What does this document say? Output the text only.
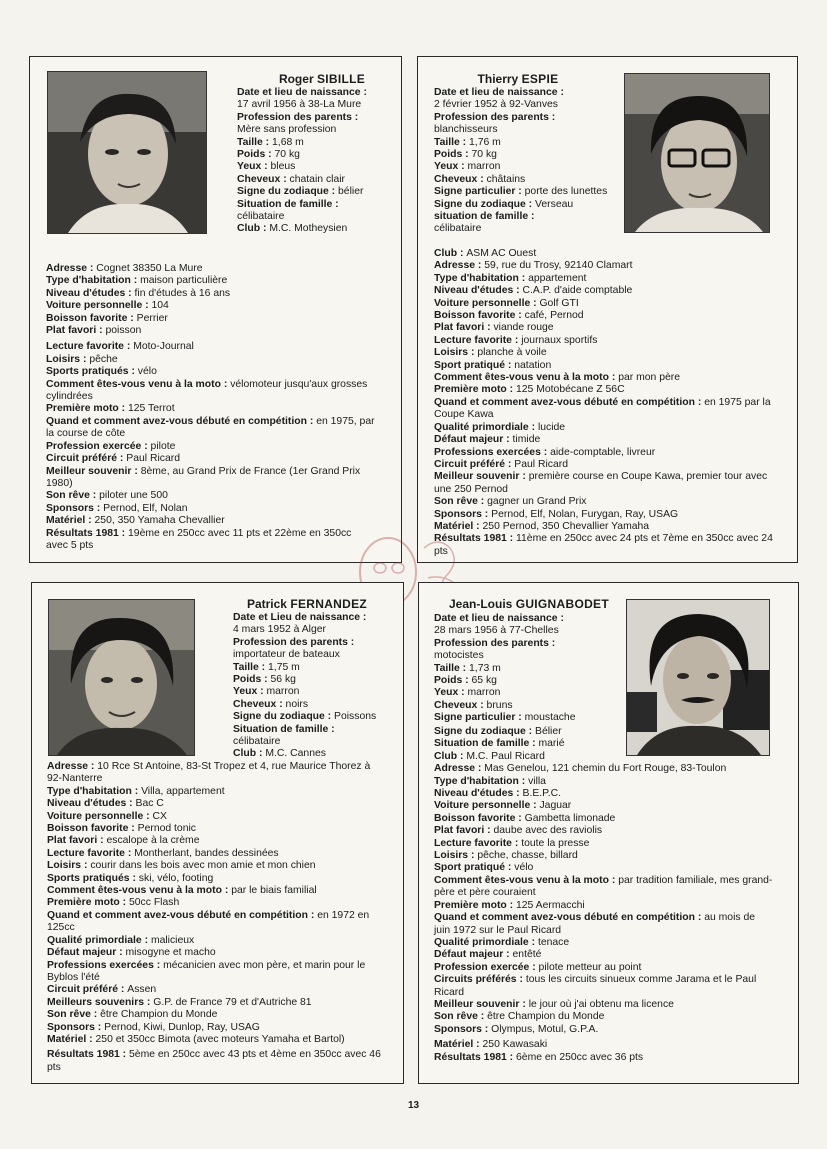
Roger SIBILLE

Date et lieu de naissance :

17 avril 1956 à 38-La Mure

Profession des parents :

Mère sans profession

Taille : 1,68 m

Poids : 70 kg

Yeux : bleus

Cheveux : chatain clair

Signe du zodiaque : bélier

Situation de famille :

célibataire

Club : M.C. Motheysien

Adresse : Cognet 38350 La Mure

Type d'habitation : maison particulière

Niveau d'études : fin d'études à 16 ans

Voiture personnelle : 104

Boisson favorite : Perrier

Plat favori : poisson

Lecture favorite : Moto-Journal

Loisirs : pêche

Sports pratiqués : vélo

Comment êtes-vous venu à la moto : vélomoteur jusqu'aux grosses cylindrées

Première moto : 125 Terrot

Quand et comment avez-vous débuté en compétition : en 1975, par la course de côte

Profession exercée : pilote

Circuit préféré : Paul Ricard

Meilleur souvenir : 8ème, au Grand Prix de France (1er Grand Prix 1980)

Son rêve : piloter une 500

Sponsors : Pernod, Elf, Nolan

Matériel : 250, 350 Yamaha Chevallier

Résultats 1981 : 19ème en 250cc avec 11 pts et 22ème en 350cc avec 5 pts

Thierry ESPIE

Date et lieu de naissance :

2 février 1952 à 92-Vanves

Profession des parents :

blanchisseurs

Taille : 1,76 m

Poids : 70 kg

Yeux : marron

Cheveux : châtains

Signe particulier : porte des lunettes

Signe du zodiaque : Verseau

situation de famille :

célibataire

Club : ASM AC Ouest

Adresse : 59, rue du Trosy, 92140 Clamart

Type d'habitation : appartement

Niveau d'études : C.A.P. d'aide comptable

Voiture personnelle : Golf GTI

Boisson favorite : café, Pernod

Plat favori : viande rouge

Lecture favorite : journaux sportifs

Loisirs : planche à voile

Sport pratiqué : natation

Comment êtes-vous venu à la moto : par mon père

Première moto : 125 Motobécane Z 56C

Quand et comment avez-vous débuté en compétition : en 1975 par la Coupe Kawa

Qualité primordiale : lucide

Défaut majeur : timide

Professions exercées : aide-comptable, livreur

Circuit préféré : Paul Ricard

Meilleur souvenir : première course en Coupe Kawa, premier tour avec une 250 Pernod

Son rêve : gagner un Grand Prix

Sponsors : Pernod, Elf, Nolan, Furygan, Ray, USAG

Matériel : 250 Pernod, 350 Chevallier Yamaha

Résultats 1981 : 11ème en 250cc avec 24 pts et 7ème en 350cc avec 24 pts

Patrick FERNANDEZ

Date et Lieu de naissance :

4 mars 1952 à Alger

Profession des parents :

importateur de bateaux

Taille : 1,75 m

Poids : 56 kg

Yeux : marron

Cheveux : noirs

Signe du zodiaque : Poissons

Situation de famille :

célibataire

Club : M.C. Cannes

Adresse : 10 Rce St Antoine, 83-St Tropez et 4, rue Maurice Thorez à 92-Nanterre

Type d'habitation : Villa, appartement

Niveau d'études : Bac C

Voiture personnelle : CX

Boisson favorite : Pernod tonic

Plat favori : escalope à la crème

Lecture favorite : Montherlant, bandes dessinées

Loisirs : courir dans les bois avec mon amie et mon chien

Sports pratiqués : ski, vélo, footing

Comment êtes-vous venu à la moto : par le biais familial

Première moto : 50cc Flash

Quand et comment avez-vous débuté en compétition : en 1972 en 125cc

Qualité primordiale : malicieux

Défaut majeur : misogyne et macho

Professions exercées : mécanicien avec mon père, et marin pour le Byblos l'été

Circuit préféré : Assen

Meilleurs souvenirs : G.P. de France 79 et d'Autriche 81

Son rêve : être Champion du Monde

Sponsors : Pernod, Kiwi, Dunlop, Ray, USAG

Matériel : 250 et 350cc Bimota (avec moteurs Yamaha et Bartol)

Résultats 1981 : 5ème en 250cc avec 43 pts et 4ème en 350cc avec 46 pts

Jean-Louis GUIGNABODET

Date et lieu de naissance :

28 mars 1956 à 77-Chelles

Profession des parents :

motocistes

Taille : 1,73 m

Poids : 65 kg

Yeux : marron

Cheveux : bruns

Signe particulier : moustache

Signe du zodiaque : Bélier

Situation de famille : marié

Club : M.C. Paul Ricard

Adresse : Mas Genelou, 121 chemin du Fort Rouge, 83-Toulon

Type d'habitation : villa

Niveau d'études : B.E.P.C.

Voiture personnelle : Jaguar

Boisson favorite : Gambetta limonade

Plat favori : daube avec des raviolis

Lecture favorite : toute la presse

Loisirs : pêche, chasse, billard

Sport pratiqué : vélo

Comment êtes-vous venu à la moto : par tradition familiale, mes grand-père et père couraient

Première moto : 125 Aermacchi

Quand et comment avez-vous débuté en compétition : au mois de juin 1972 sur le Paul Ricard

Qualité primordiale : tenace

Défaut majeur : entêté

Profession exercée : pilote metteur au point

Circuits préférés : tous les circuits sinueux comme Jarama et le Paul Ricard

Meilleur souvenir : le jour où j'ai obtenu ma licence

Son rêve : être Champion du Monde

Sponsors : Olympus, Motul, G.P.A.

Matériel : 250 Kawasaki

Résultats 1981 : 6ème en 250cc avec 36 pts

13
